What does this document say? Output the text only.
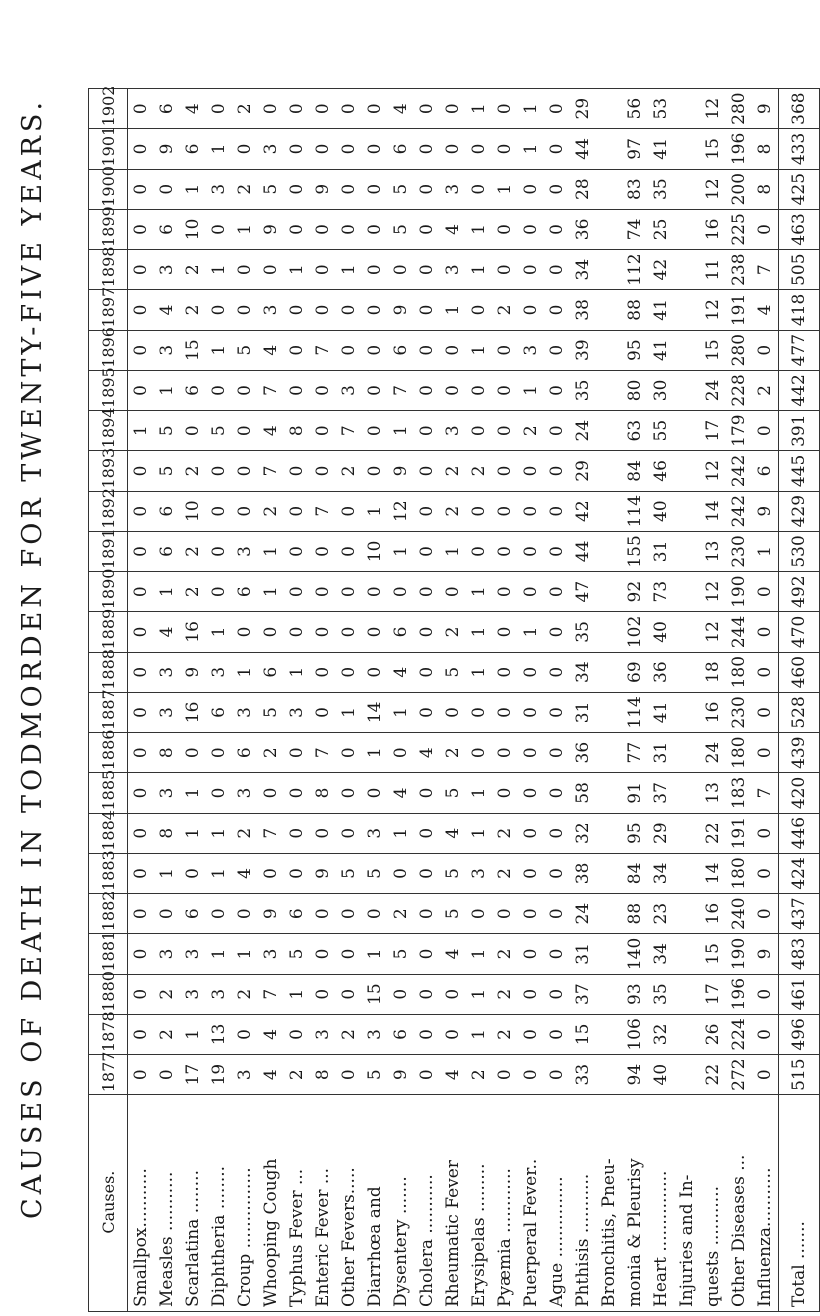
CAUSES OF DEATH IN TODMORDEN FOR TWENTY-FIVE YEARS.	Causes.	1877	1878	1880	1881	1882	1883	1884	1885	1886	1887	1888	1889	1890	1891	1892	1893	1894	1895	1896	1897	1898	1899	1900	1901	1902
Smallpox...........	0	0	0	0	0	0	0	0	0	0	0	0	0	0	0	0	1	0	0	0	0	0	0	0	0
Measles ...........	0	2	2	3	0	1	8	3	8	3	3	4	1	6	6	5	5	1	3	4	3	6	0	9	6
Scarlatina ........	17	1	3	3	6	0	1	1	0	16	9	16	2	2	10	2	0	6	15	2	2	10	1	6	4
Diphtheria ........	19	13	3	1	0	1	1	0	0	6	3	1	0	0	0	0	5	0	1	0	1	0	3	1	0
Croup ...............	3	0	2	1	0	4	2	3	6	3	1	0	6	3	0	0	0	0	5	0	0	1	2	0	2
Whooping Cough	4	4	7	3	9	0	7	0	2	5	6	0	1	1	2	7	4	7	4	3	0	9	5	3	0
Typhus Fever ...	2	0	1	5	6	0	0	0	0	3	1	0	0	0	0	0	8	0	0	0	1	0	0	0	0
Enteric Fever ...	8	3	0	0	0	9	0	8	7	0	0	0	0	0	7	0	0	0	7	0	0	0	9	0	0
Other Fevers.....	0	2	0	0	0	5	0	0	0	1	0	0	0	0	0	2	7	3	0	0	1	0	0	0	0
Diarrhœa and	5	3	15	1	0	5	3	0	1	14	0	0	0	10	1	0	0	0	0	0	0	0	0	0	0
Dysentery .......	9	6	0	5	2	0	1	4	0	1	4	6	0	1	12	9	1	7	6	9	0	5	5	6	4
Cholera ...........	0	0	0	0	0	0	0	0	4	0	0	0	0	0	0	0	0	0	0	0	0	0	0	0	0
Rheumatic Fever	4	0	0	4	5	5	4	5	2	0	5	2	0	1	2	2	3	0	0	1	3	4	3	0	0
Erysipelas .........	2	1	1	1	0	3	1	1	0	0	1	1	1	0	0	2	0	0	1	0	1	1	0	0	1
Pyæmia ............	0	2	2	2	0	2	2	0	0	0	0	0	0	0	0	0	0	0	0	2	0	0	1	0	0
Puerperal Fever..	0	0	0	0	0	0	0	0	0	0	0	1	0	0	0	0	2	1	3	0	0	0	0	1	1
Ague ...............	0	0	0	0	0	0	0	0	0	0	0	0	0	0	0	0	0	0	0	0	0	0	0	0	0
Phthisis ...........	33	15	37	31	24	38	32	58	36	31	34	35	47	44	42	29	24	35	39	38	34	36	28	44	29
Bronchitis, Pneu-																									
monia & Pleurisy	94	106	93	140	88	84	95	91	77	114	69	102	92	155	114	84	63	80	95	88	112	74	83	97	56
Heart ...............	40	32	35	34	23	34	29	37	31	41	36	40	73	31	40	46	55	30	41	41	42	25	35	41	53
Injuries and In-																									
quests ...........	22	26	17	15	16	14	22	13	24	16	18	12	12	13	14	12	17	24	15	12	11	16	12	15	12
Other Diseases ...	272	224	196	190	240	180	191	183	180	230	180	244	190	230	242	242	179	228	280	191	238	225	200	196	280
Influenza...........	0	0	0	9	0	0	0	7	0	0	0	0	0	1	9	6	0	2	0	4	7	0	8	8	9
Total .......	515	496	461	483	437	424	446	420	439	528	460	470	492	530	429	445	391	442	477	418	505	463	425	433	368
